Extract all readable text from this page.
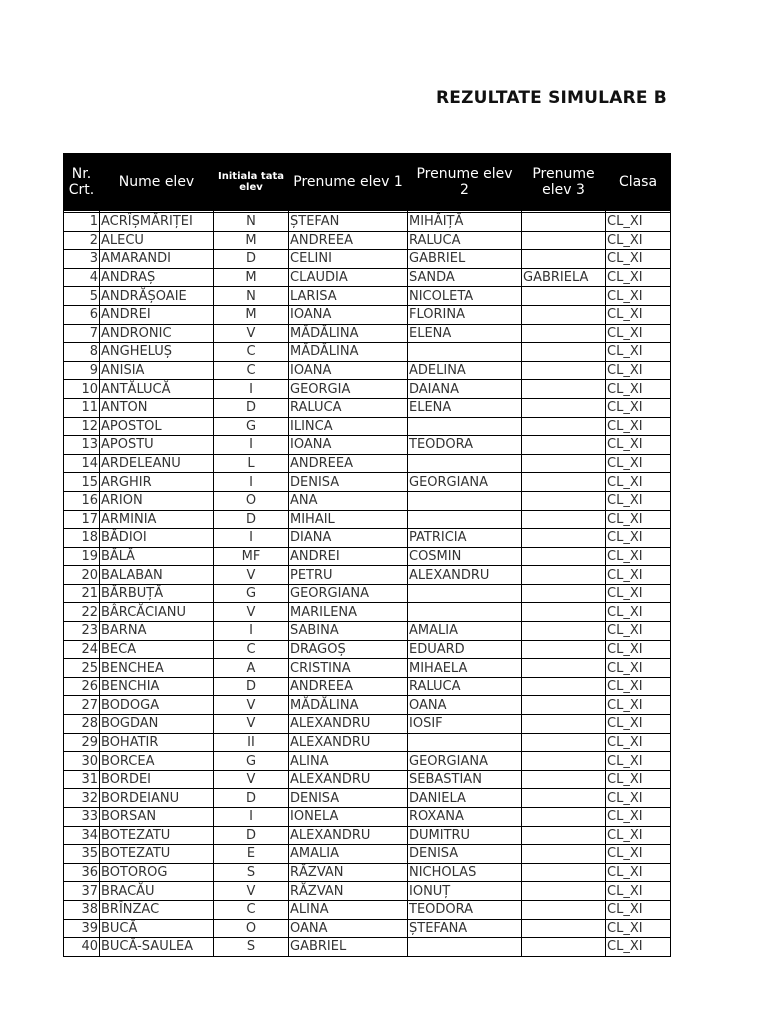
REZULTATE SIMULARE B
Nr. Crt.	Nume elev	Initiala tata elev	Prenume elev 1	Prenume elev 2	Prenume elev 3	Clasa

1	ACRÎȘMĂRIȚEI	N	ȘTEFAN	MIHĂIȚĂ		CL_XI
2	ALECU	M	ANDREEA	RALUCA		CL_XI
3	AMARANDI	D	CELINI	GABRIEL		CL_XI
4	ANDRAȘ	M	CLAUDIA	SANDA	GABRIELA	CL_XI
5	ANDRĂȘOAIE	N	LARISA	NICOLETA		CL_XI
6	ANDREI	M	IOANA	FLORINA		CL_XI
7	ANDRONIC	V	MĂDĂLINA	ELENA		CL_XI
8	ANGHELUȘ	C	MĂDĂLINA			CL_XI
9	ANISIA	C	IOANA	ADELINA		CL_XI
10	ANTĂLUCĂ	I	GEORGIA	DAIANA		CL_XI
11	ANTON	D	RALUCA	ELENA		CL_XI
12	APOSTOL	G	ILINCA			CL_XI
13	APOSTU	I	IOANA	TEODORA		CL_XI
14	ARDELEANU	L	ANDREEA			CL_XI
15	ARGHIR	I	DENISA	GEORGIANA		CL_XI
16	ARION	O	ANA			CL_XI
17	ARMINIA	D	MIHAIL			CL_XI
18	BĂDIOI	I	DIANA	PATRICIA		CL_XI
19	BĂLĂ	MF	ANDREI	COSMIN		CL_XI
20	BALABAN	V	PETRU	ALEXANDRU		CL_XI
21	BĂRBUȚĂ	G	GEORGIANA			CL_XI
22	BÂRCĂCIANU	V	MARILENA			CL_XI
23	BARNA	I	SABINA	AMALIA		CL_XI
24	BECA	C	DRAGOȘ	EDUARD		CL_XI
25	BENCHEA	A	CRISTINA	MIHAELA		CL_XI
26	BENCHIA	D	ANDREEA	RALUCA		CL_XI
27	BODOGA	V	MĂDĂLINA	OANA		CL_XI
28	BOGDAN	V	ALEXANDRU	IOSIF		CL_XI
29	BOHATIR	II	ALEXANDRU			CL_XI
30	BORCEA	G	ALINA	GEORGIANA		CL_XI
31	BORDEI	V	ALEXANDRU	SEBASTIAN		CL_XI
32	BORDEIANU	D	DENISA	DANIELA		CL_XI
33	BORSAN	I	IONELA	ROXANA		CL_XI
34	BOTEZATU	D	ALEXANDRU	DUMITRU		CL_XI
35	BOTEZATU	E	AMALIA	DENISA		CL_XI
36	BOTOROG	S	RĂZVAN	NICHOLAS		CL_XI
37	BRACĂU	V	RĂZVAN	IONUȚ		CL_XI
38	BRÎNZAC	C	ALINA	TEODORA		CL_XI
39	BUCĂ	O	OANA	ȘTEFANA		CL_XI
40	BUCĂ-SAULEA	S	GABRIEL			CL_XI
